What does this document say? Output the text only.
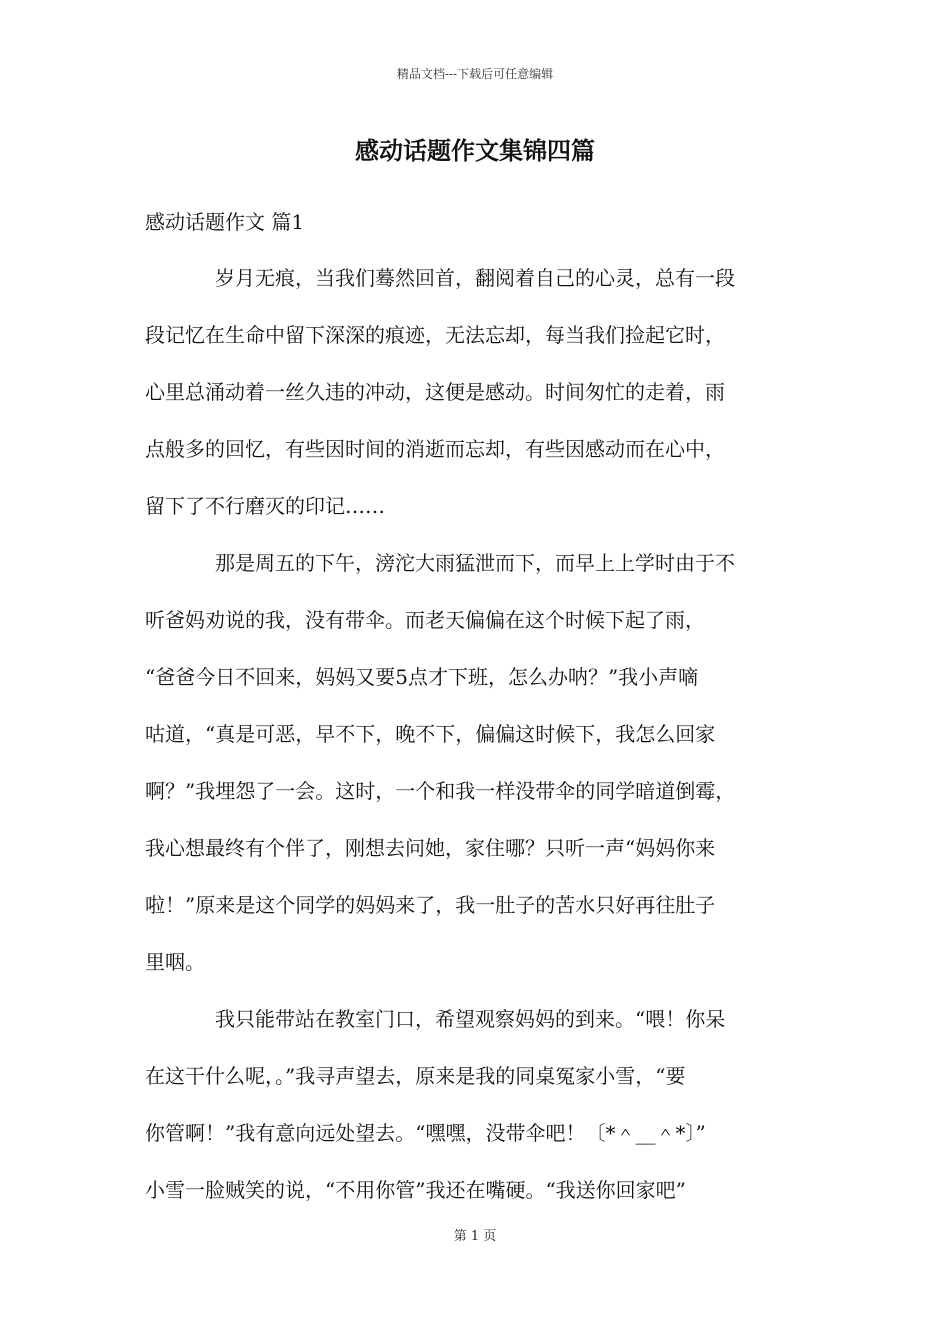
精品文档---下载后可任意编辑
感动话题作文集锦四篇
感动话题作文 篇1
岁月无痕，当我们蓦然回首，翻阅着自己的心灵，总有一段
段记忆在生命中留下深深的痕迹，无法忘却，每当我们捡起它时，
心里总涌动着一丝久违的冲动，这便是感动。时间匆忙的走着，雨
点般多的回忆，有些因时间的消逝而忘却，有些因感动而在心中，
留下了不行磨灭的印记……
那是周五的下午，滂沱大雨猛泄而下，而早上上学时由于不
听爸妈劝说的我，没有带伞。而老天偏偏在这个时候下起了雨，
“爸爸今日不回来，妈妈又要5点才下班，怎么办呐？”我小声嘀
咕道，“真是可恶，早不下，晚不下，偏偏这时候下，我怎么回家
啊？”我埋怨了一会。这时，一个和我一样没带伞的同学暗道倒霉，
我心想最终有个伴了，刚想去问她，家住哪？只听一声“妈妈你来
啦！”原来是这个同学的妈妈来了，我一肚子的苦水只好再往肚子
里咽。
我只能带站在教室门口，希望观察妈妈的到来。“喂！你呆
在这干什么呢，。”我寻声望去，原来是我的同桌冤家小雪，“要
你管啊！”我有意向远处望去。“嘿嘿，没带伞吧！〔*＾__＾*〕”
小雪一脸贼笑的说，“不用你管”我还在嘴硬。“我送你回家吧”
第 1 页
